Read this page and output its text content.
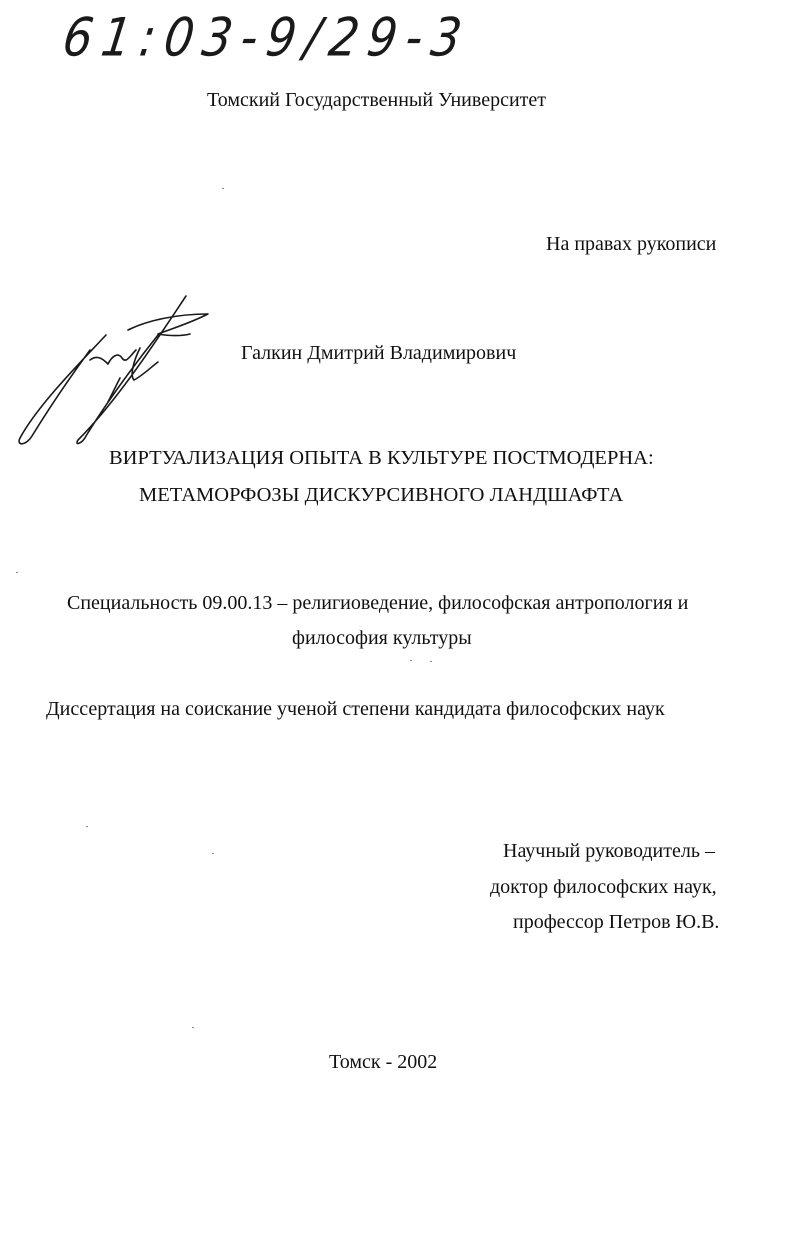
61:03-9/29-3

Томский Государственный Университет

На правах рукописи

Галкин Дмитрий Владимирович

ВИРТУАЛИЗАЦИЯ ОПЫТА В КУЛЬТУРЕ ПОСТМОДЕРНА:

МЕТАМОРФОЗЫ ДИСКУРСИВНОГО ЛАНДШАФТА

Специальность 09.00.13 – религиоведение, философская антропология и

философия культуры

Диссертация на соискание ученой степени кандидата философских наук

Научный руководитель –

доктор философских наук,

профессор Петров Ю.В.

Томск - 2002
